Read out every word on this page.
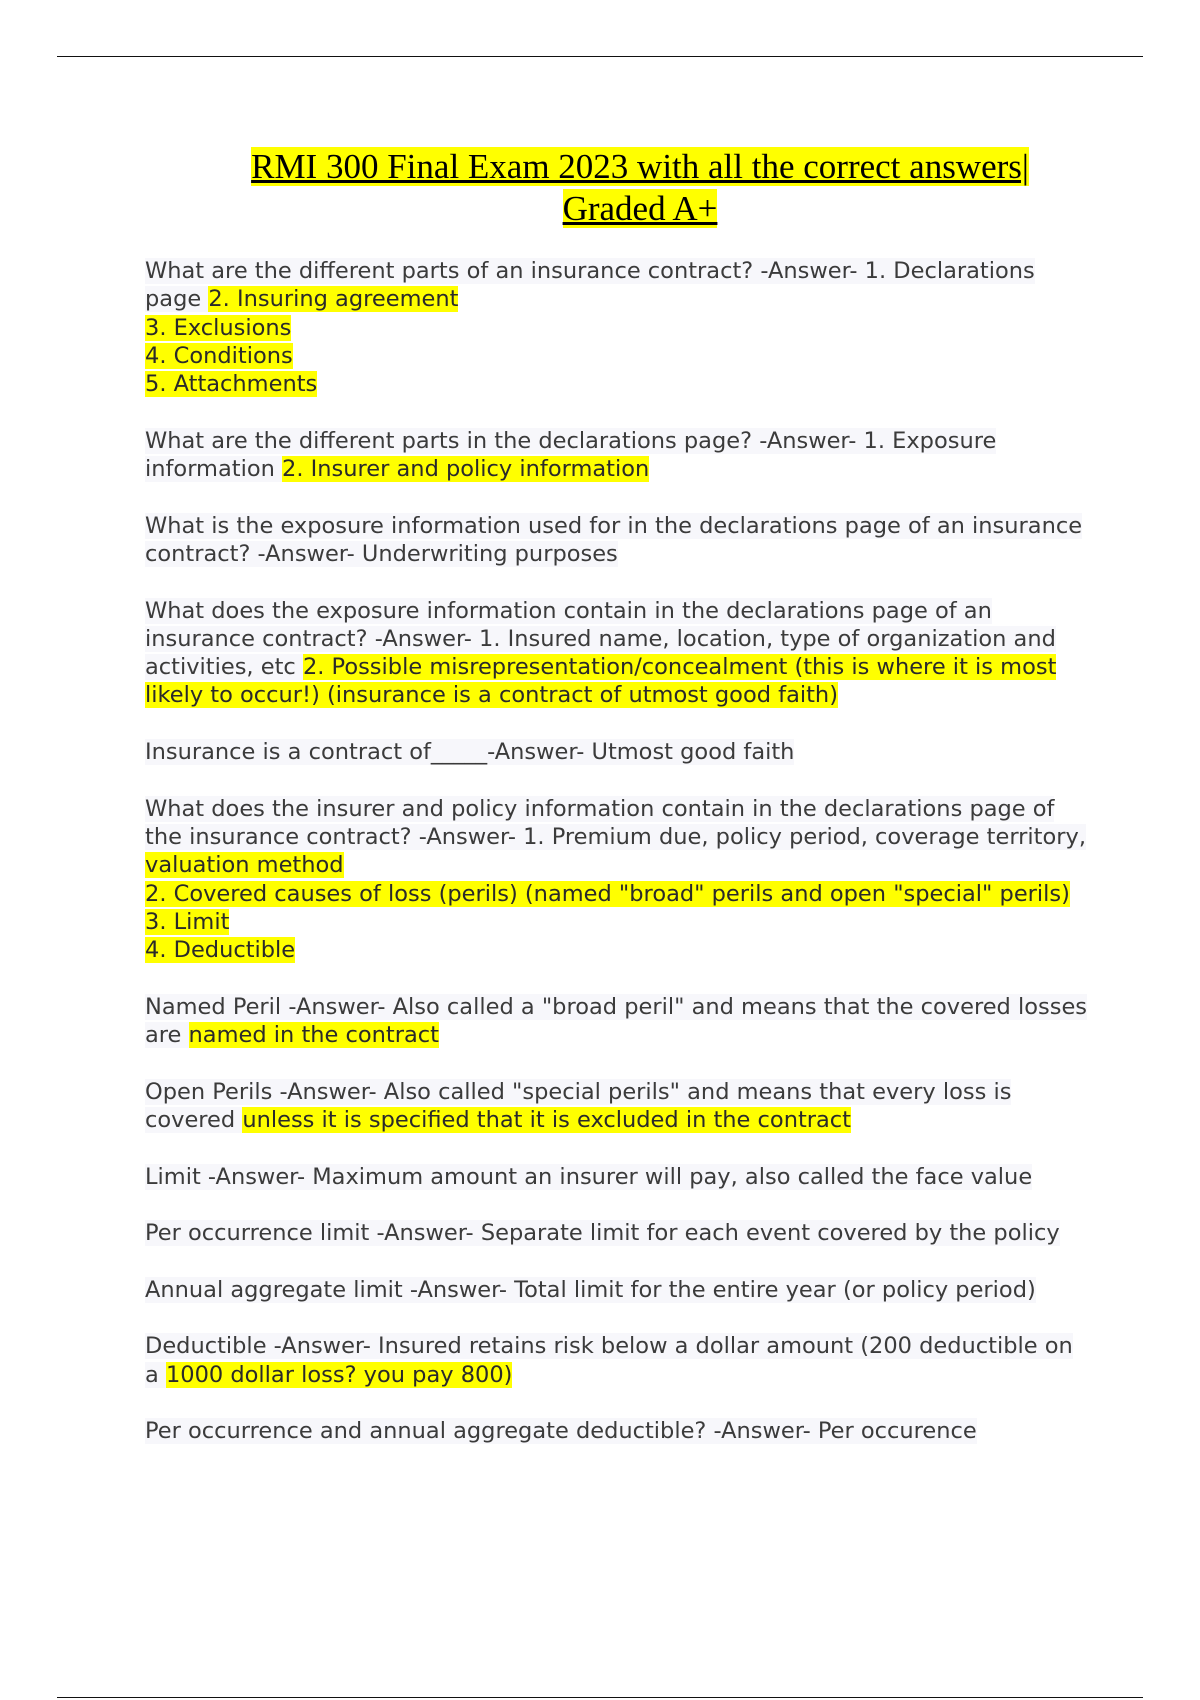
RMI 300 Final Exam 2023 with all the correct answers|
Graded A+
What are the different parts of an insurance contract? -Answer- 1. Declarations page 2. Insuring agreement
3. Exclusions
4. Conditions
5. Attachments
What are the different parts in the declarations page? -Answer- 1. Exposure information 2. Insurer and policy information
What is the exposure information used for in the declarations page of an insurance contract? -Answer- Underwriting purposes
What does the exposure information contain in the declarations page of an insurance contract? -Answer- 1. Insured name, location, type of organization and activities, etc 2. Possible misrepresentation/concealment (this is where it is most likely to occur!) (insurance is a contract of utmost good faith)
Insurance is a contract of_____-Answer- Utmost good faith
What does the insurer and policy information contain in the declarations page of the insurance contract? -Answer- 1. Premium due, policy period, coverage territory, valuation method
2. Covered causes of loss (perils) (named "broad" perils and open "special" perils) 3. Limit
4. Deductible
Named Peril -Answer- Also called a "broad peril" and means that the covered losses are named in the contract
Open Perils -Answer- Also called "special perils" and means that every loss is covered unless it is specified that it is excluded in the contract
Limit -Answer- Maximum amount an insurer will pay, also called the face value
Per occurrence limit -Answer- Separate limit for each event covered by the policy
Annual aggregate limit -Answer- Total limit for the entire year (or policy period)
Deductible -Answer- Insured retains risk below a dollar amount (200 deductible on a 1000 dollar loss? you pay 800)
Per occurrence and annual aggregate deductible? -Answer- Per occurence
